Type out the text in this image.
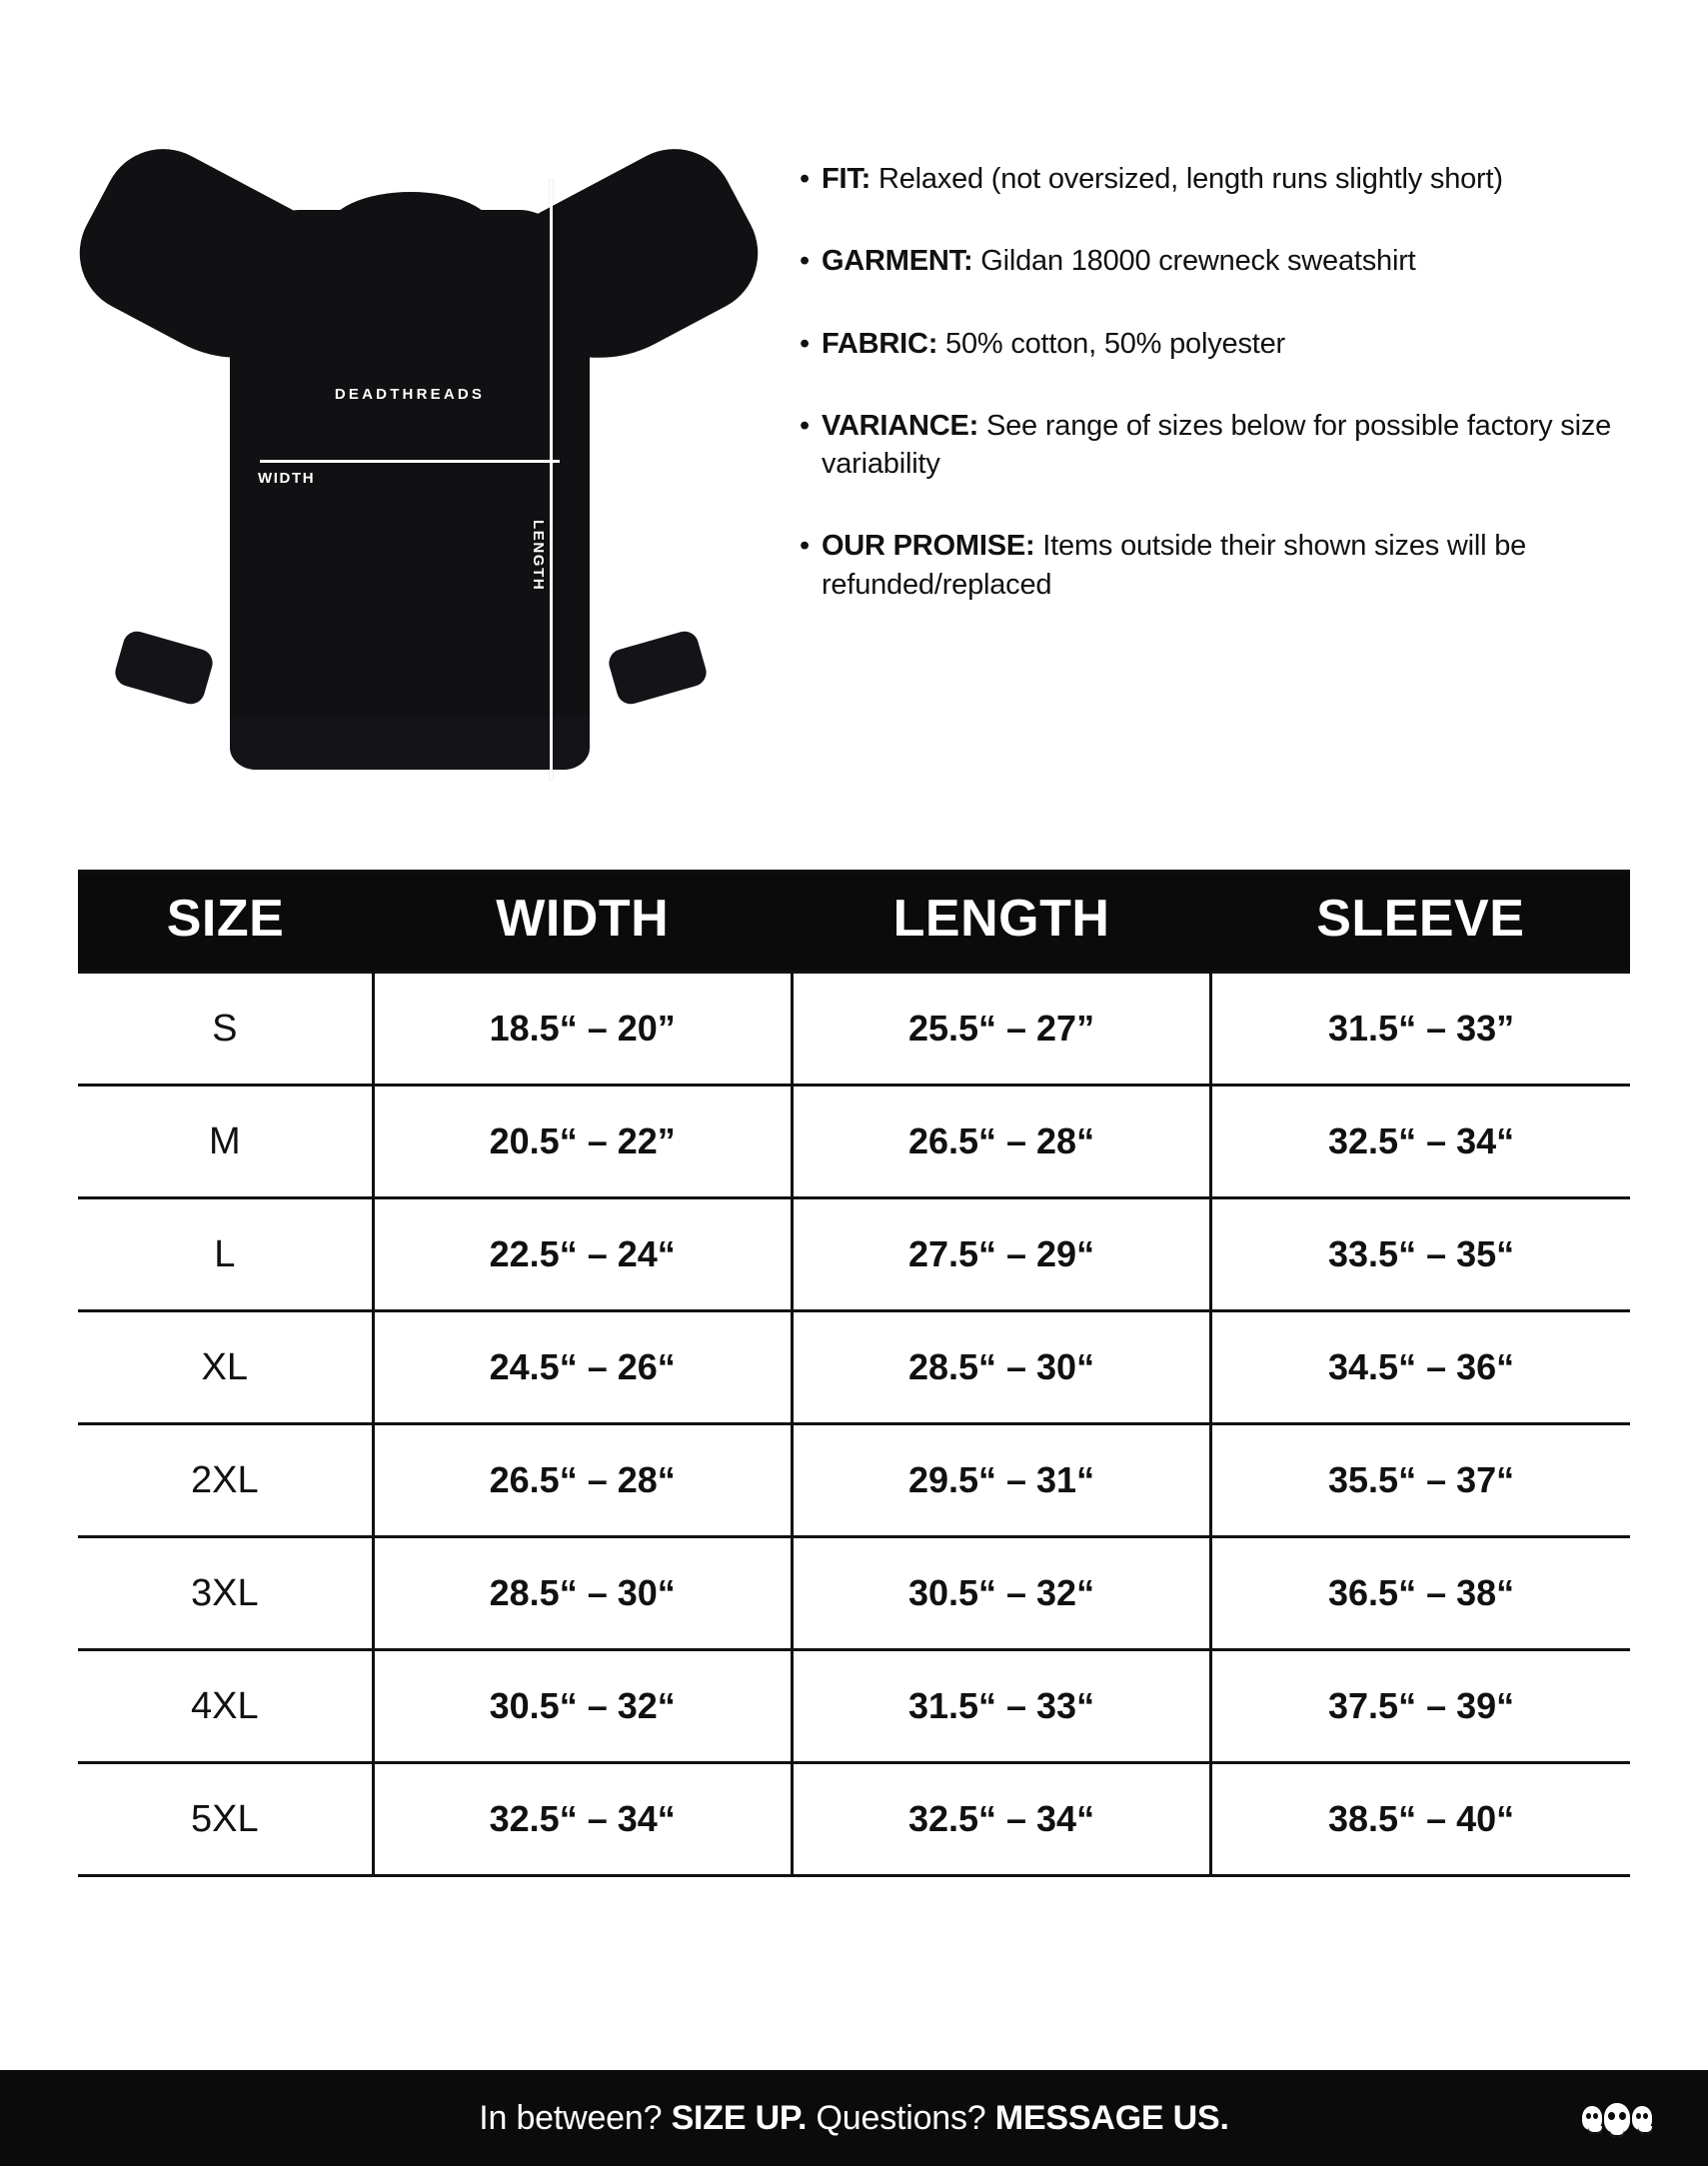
DEADTHREADS
WIDTH
LENGTH
• FIT: Relaxed (not oversized, length runs slightly short)
• GARMENT: Gildan 18000 crewneck sweatshirt
• FABRIC: 50% cotton, 50% polyester
• VARIANCE: See range of sizes below for possible factory size variability
• OUR PROMISE: Items outside their shown sizes will be refunded/replaced
SIZE	WIDTH	LENGTH	SLEEVE
S	18.5“ – 20”	25.5“ – 27”	31.5“ – 33”
M	20.5“ – 22”	26.5“ – 28“	32.5“ – 34“
L	22.5“ – 24“	27.5“ – 29“	33.5“ – 35“
XL	24.5“ – 26“	28.5“ – 30“	34.5“ – 36“
2XL	26.5“ – 28“	29.5“ – 31“	35.5“ – 37“
3XL	28.5“ – 30“	30.5“ – 32“	36.5“ – 38“
4XL	30.5“ – 32“	31.5“ – 33“	37.5“ – 39“
5XL	32.5“ – 34“	32.5“ – 34“	38.5“ – 40“
In between? SIZE UP. Questions? MESSAGE US.
